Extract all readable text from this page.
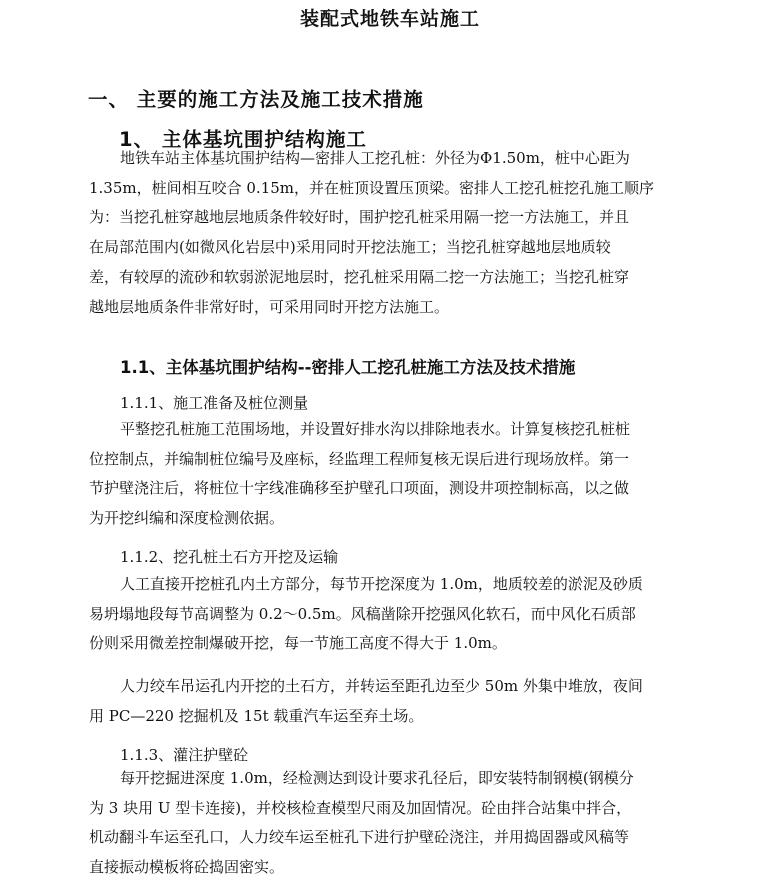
装配式地铁车站施工
一、 主要的施工方法及施工技术措施
1、 主体基坑围护结构施工
地铁车站主体基坑围护结构—密排人工挖孔桩：外径为Φ1.50m，桩中心距为
1.35m，桩间相互咬合 0.15m，并在桩顶设置压顶梁。密排人工挖孔桩挖孔施工顺序
为：当挖孔桩穿越地层地质条件较好时，围护挖孔桩采用隔一挖一方法施工，并且
在局部范围内(如微风化岩层中)采用同时开挖法施工；当挖孔桩穿越地层地质较
差，有较厚的流砂和软弱淤泥地层时，挖孔桩采用隔二挖一方法施工；当挖孔桩穿
越地层地质条件非常好时，可采用同时开挖方法施工。
1.1、主体基坑围护结构--密排人工挖孔桩施工方法及技术措施
1.1.1、施工准备及桩位测量
平整挖孔桩施工范围场地，并设置好排水沟以排除地表水。计算复核挖孔桩桩
位控制点，并编制桩位编号及座标，经监理工程师复核无误后进行现场放样。第一
节护壁浇注后，将桩位十字线准确移至护壁孔口项面，测设井项控制标高，以之做
为开挖纠编和深度检测依据。
1.1.2、挖孔桩土石方开挖及运输
人工直接开挖桩孔内土方部分，每节开挖深度为 1.0m，地质较差的淤泥及砂质
易坍塌地段每节高调整为 0.2～0.5m。风稿凿除开挖强风化软石，而中风化石质部
份则采用微差控制爆破开挖，每一节施工高度不得大于 1.0m。
人力绞车吊运孔内开挖的土石方，并转运至距孔边至少 50m 外集中堆放，夜间
用 PC—220 挖掘机及 15t 载重汽车运至弃土场。
1.1.3、灌注护壁砼
每开挖掘进深度 1.0m，经检测达到设计要求孔径后，即安装特制钢模(钢模分
为 3 块用 U 型卡连接)，并校核检查模型尺雨及加固情况。砼由拌合站集中拌合，
机动翻斗车运至孔口，人力绞车运至桩孔下进行护壁砼浇注，并用捣固器或风稿等
直接振动模板将砼捣固密实。
